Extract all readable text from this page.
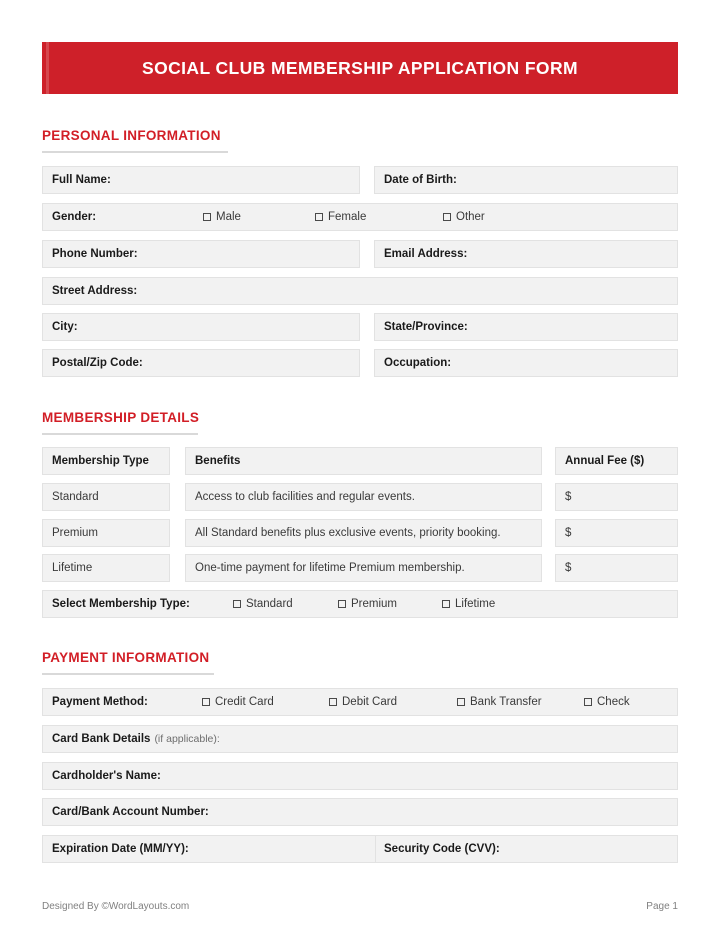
SOCIAL CLUB MEMBERSHIP APPLICATION FORM
PERSONAL INFORMATION
Full Name:	Date of Birth:
Gender:	Male	Female	Other
Phone Number:	Email Address:
Street Address:
City:	State/Province:
Postal/Zip Code:	Occupation:
MEMBERSHIP DETAILS
Membership Type	Benefits	Annual Fee ($)
Standard	Access to club facilities and regular events.	$
Premium	All Standard benefits plus exclusive events, priority booking.	$
Lifetime	One-time payment for lifetime Premium membership.	$
Select Membership Type:	Standard	Premium	Lifetime
PAYMENT INFORMATION
Payment Method:	Credit Card	Debit Card	Bank Transfer	Check
Card Bank Details (if applicable):
Cardholder's Name:
Card/Bank Account Number:
Expiration Date (MM/YY):	Security Code (CVV):
Designed By ©WordLayouts.com	Page 1
